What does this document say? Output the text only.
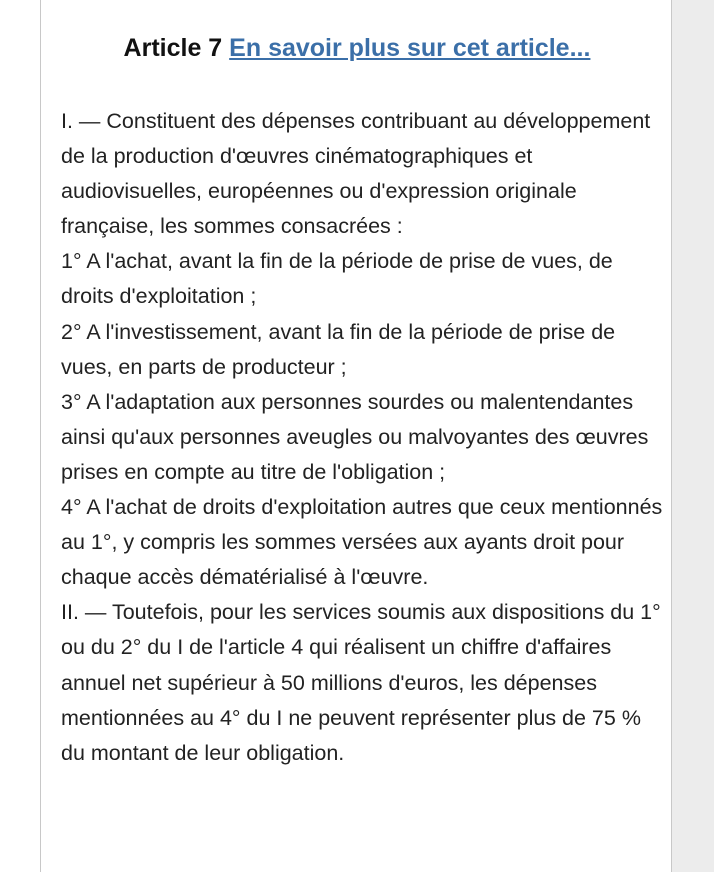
Article 7 En savoir plus sur cet article...

I. — Constituent des dépenses contribuant au développement de la production d'œuvres cinématographiques et audiovisuelles, européennes ou d'expression originale française, les sommes consacrées :

1° A l'achat, avant la fin de la période de prise de vues, de droits d'exploitation ;

2° A l'investissement, avant la fin de la période de prise de vues, en parts de producteur ;

3° A l'adaptation aux personnes sourdes ou malentendantes ainsi qu'aux personnes aveugles ou malvoyantes des œuvres prises en compte au titre de l'obligation ;

4° A l'achat de droits d'exploitation autres que ceux mentionnés au 1°, y compris les sommes versées aux ayants droit pour chaque accès dématérialisé à l'œuvre.

II. — Toutefois, pour les services soumis aux dispositions du 1° ou du 2° du I de l'article 4 qui réalisent un chiffre d'affaires annuel net supérieur à 50 millions d'euros, les dépenses mentionnées au 4° du I ne peuvent représenter plus de 75 % du montant de leur obligation.
